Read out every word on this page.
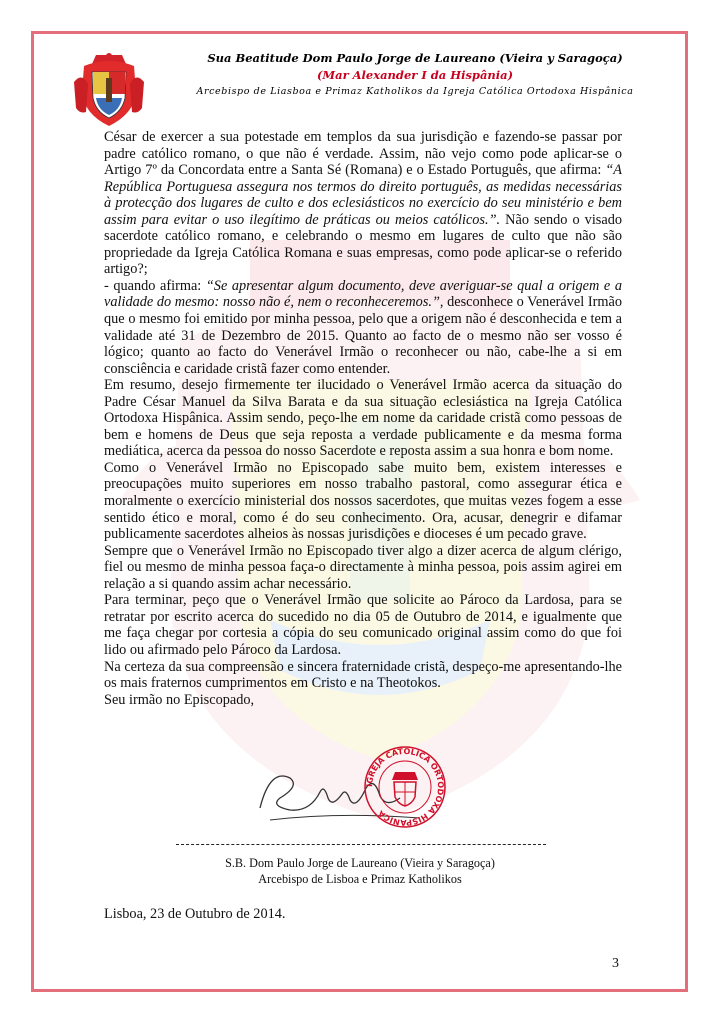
Sua Beatitude Dom Paulo Jorge de Laureano (Vieira y Saragoça)
(Mar Alexander I da Hispânia)
Arcebispo de Liasboa e Primaz Katholikos da Igreja Católica Ortodoxa Hispânica

César de exercer a sua potestade em templos da sua jurisdição e fazendo-se passar por padre católico romano, o que não é verdade. Assim, não vejo como pode aplicar-se o Artigo 7º da Concordata entre a Santa Sé (Romana) e o Estado Português, que afirma: “A República Portuguesa assegura nos termos do direito português, as medidas necessárias à protecção dos lugares de culto e dos eclesiásticos no exercício do seu ministério e bem assim para evitar o uso ilegítimo de práticas ou meios católicos.”. Não sendo o visado sacerdote católico romano, e celebrando o mesmo em lugares de culto que não são propriedade da Igreja Católica Romana e suas empresas, como pode aplicar-se o referido artigo?;

- quando afirma: “Se apresentar algum documento, deve averiguar-se qual a origem e a validade do mesmo: nosso não é, nem o reconheceremos.”, desconhece o Venerável Irmão que o mesmo foi emitido por minha pessoa, pelo que a origem não é desconhecida e tem a validade até 31 de Dezembro de 2015. Quanto ao facto de o mesmo não ser vosso é lógico; quanto ao facto do Venerável Irmão o reconhecer ou não, cabe-lhe a si em consciência e caridade cristã fazer como entender.

Em resumo, desejo firmemente ter ilucidado o Venerável Irmão acerca da situação do Padre César Manuel da Silva Barata e da sua situação eclesiástica na Igreja Católica Ortodoxa Hispânica. Assim sendo, peço-lhe em nome da caridade cristã como pessoas de bem e homens de Deus que seja reposta a verdade publicamente e da mesma forma mediática, acerca da pessoa do nosso Sacerdote e reposta assim a sua honra e bom nome.

Como o Venerável Irmão no Episcopado sabe muito bem, existem interesses e preocupações muito superiores em nosso trabalho pastoral, como assegurar ética e moralmente o exercício ministerial dos nossos sacerdotes, que muitas vezes fogem a esse sentido ético e moral, como é do seu conhecimento. Ora, acusar, denegrir e difamar publicamente sacerdotes alheios às nossas jurisdições e dioceses é um pecado grave.

Sempre que o Venerável Irmão no Episcopado tiver algo a dizer acerca de algum clérigo, fiel ou mesmo de minha pessoa faça-o directamente à minha pessoa, pois assim agirei em relação a si quando assim achar necessário.

Para terminar, peço que o Venerável Irmão que solicite ao Pároco da Lardosa, para se retratar por escrito acerca do sucedido no dia 05 de Outubro de 2014, e igualmente que me faça chegar por cortesia a cópia do seu comunicado original assim como do que foi lido ou afirmado pelo Pároco da Lardosa.

Na certeza da sua compreensão e sincera fraternidade cristã, despeço-me apresentando-lhe os mais fraternos cumprimentos em Cristo e na Theotokos.

Seu irmão no Episcopado,

IGREJA CATÓLICA ORTODOXA HISPÂNICA
S.B. Dom Paulo Jorge de Laureano (Vieira y Saragoça)
Arcebispo de Lisboa e Primaz Katholikos
Lisboa, 23 de Outubro de 2014.
3
